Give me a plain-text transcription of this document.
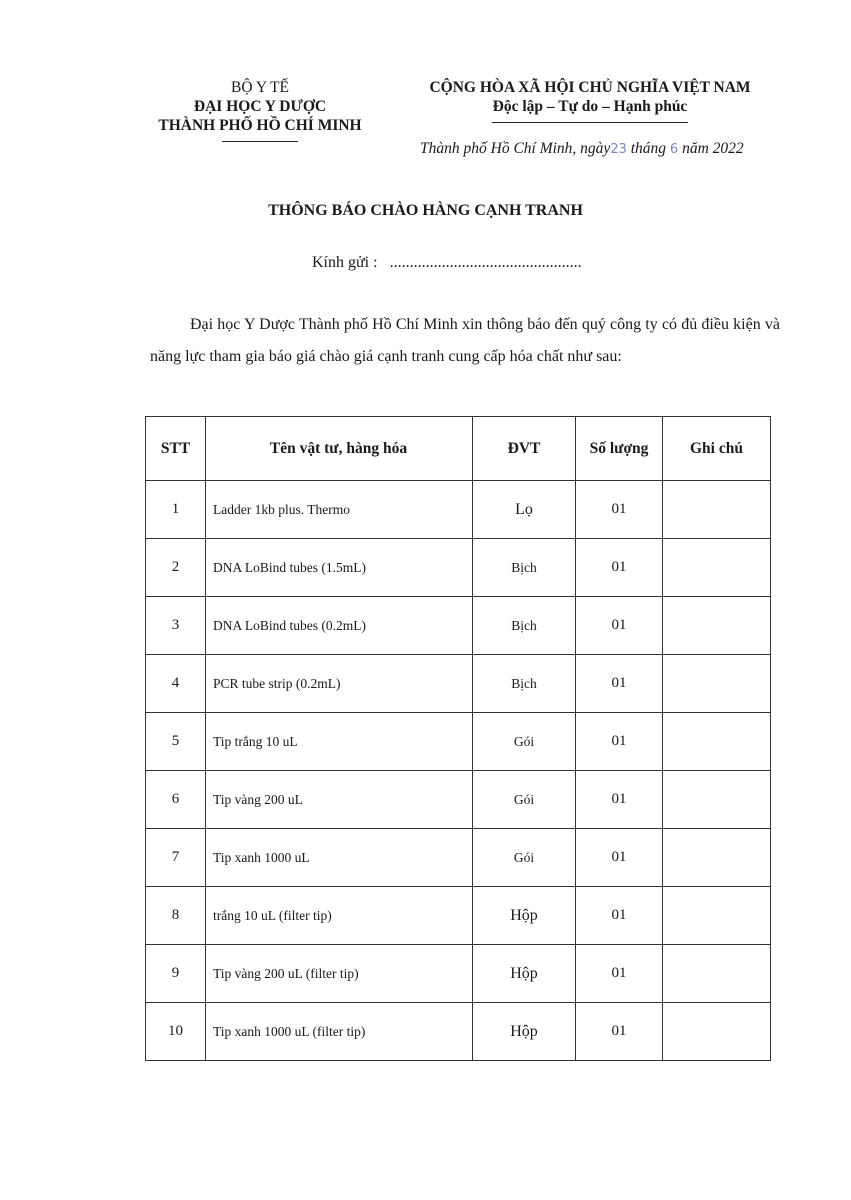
BỘ Y TẾ
ĐẠI HỌC Y DƯỢC
THÀNH PHỐ HỒ CHÍ MINH
CỘNG HÒA XÃ HỘI CHỦ NGHĨA VIỆT NAM
Độc lập – Tự do – Hạnh phúc
Thành phố Hồ Chí Minh, ngày23 tháng 6 năm 2022
THÔNG BÁO CHÀO HÀNG CẠNH TRANH
Kính gửi : ................................................
Đại học Y Dược Thành phố Hồ Chí Minh xin thông báo đến quý công ty có đủ điều kiện và năng lực tham gia báo giá chào giá cạnh tranh cung cấp hóa chất như sau:
STT	Tên vật tư, hàng hóa	ĐVT	Số lượng	Ghi chú
1	Ladder 1kb plus. Thermo	Lọ	01	
2	DNA LoBind tubes (1.5mL)	Bịch	01	
3	DNA LoBind tubes (0.2mL)	Bịch	01	
4	PCR tube strip (0.2mL)	Bịch	01	
5	Tip trắng 10 uL	Gói	01	
6	Tip vàng 200 uL	Gói	01	
7	Tip xanh 1000 uL	Gói	01	
8	trắng 10 uL (filter tip)	Hộp	01	
9	Tip vàng 200 uL (filter tip)	Hộp	01	
10	Tip xanh 1000 uL (filter tip)	Hộp	01	
